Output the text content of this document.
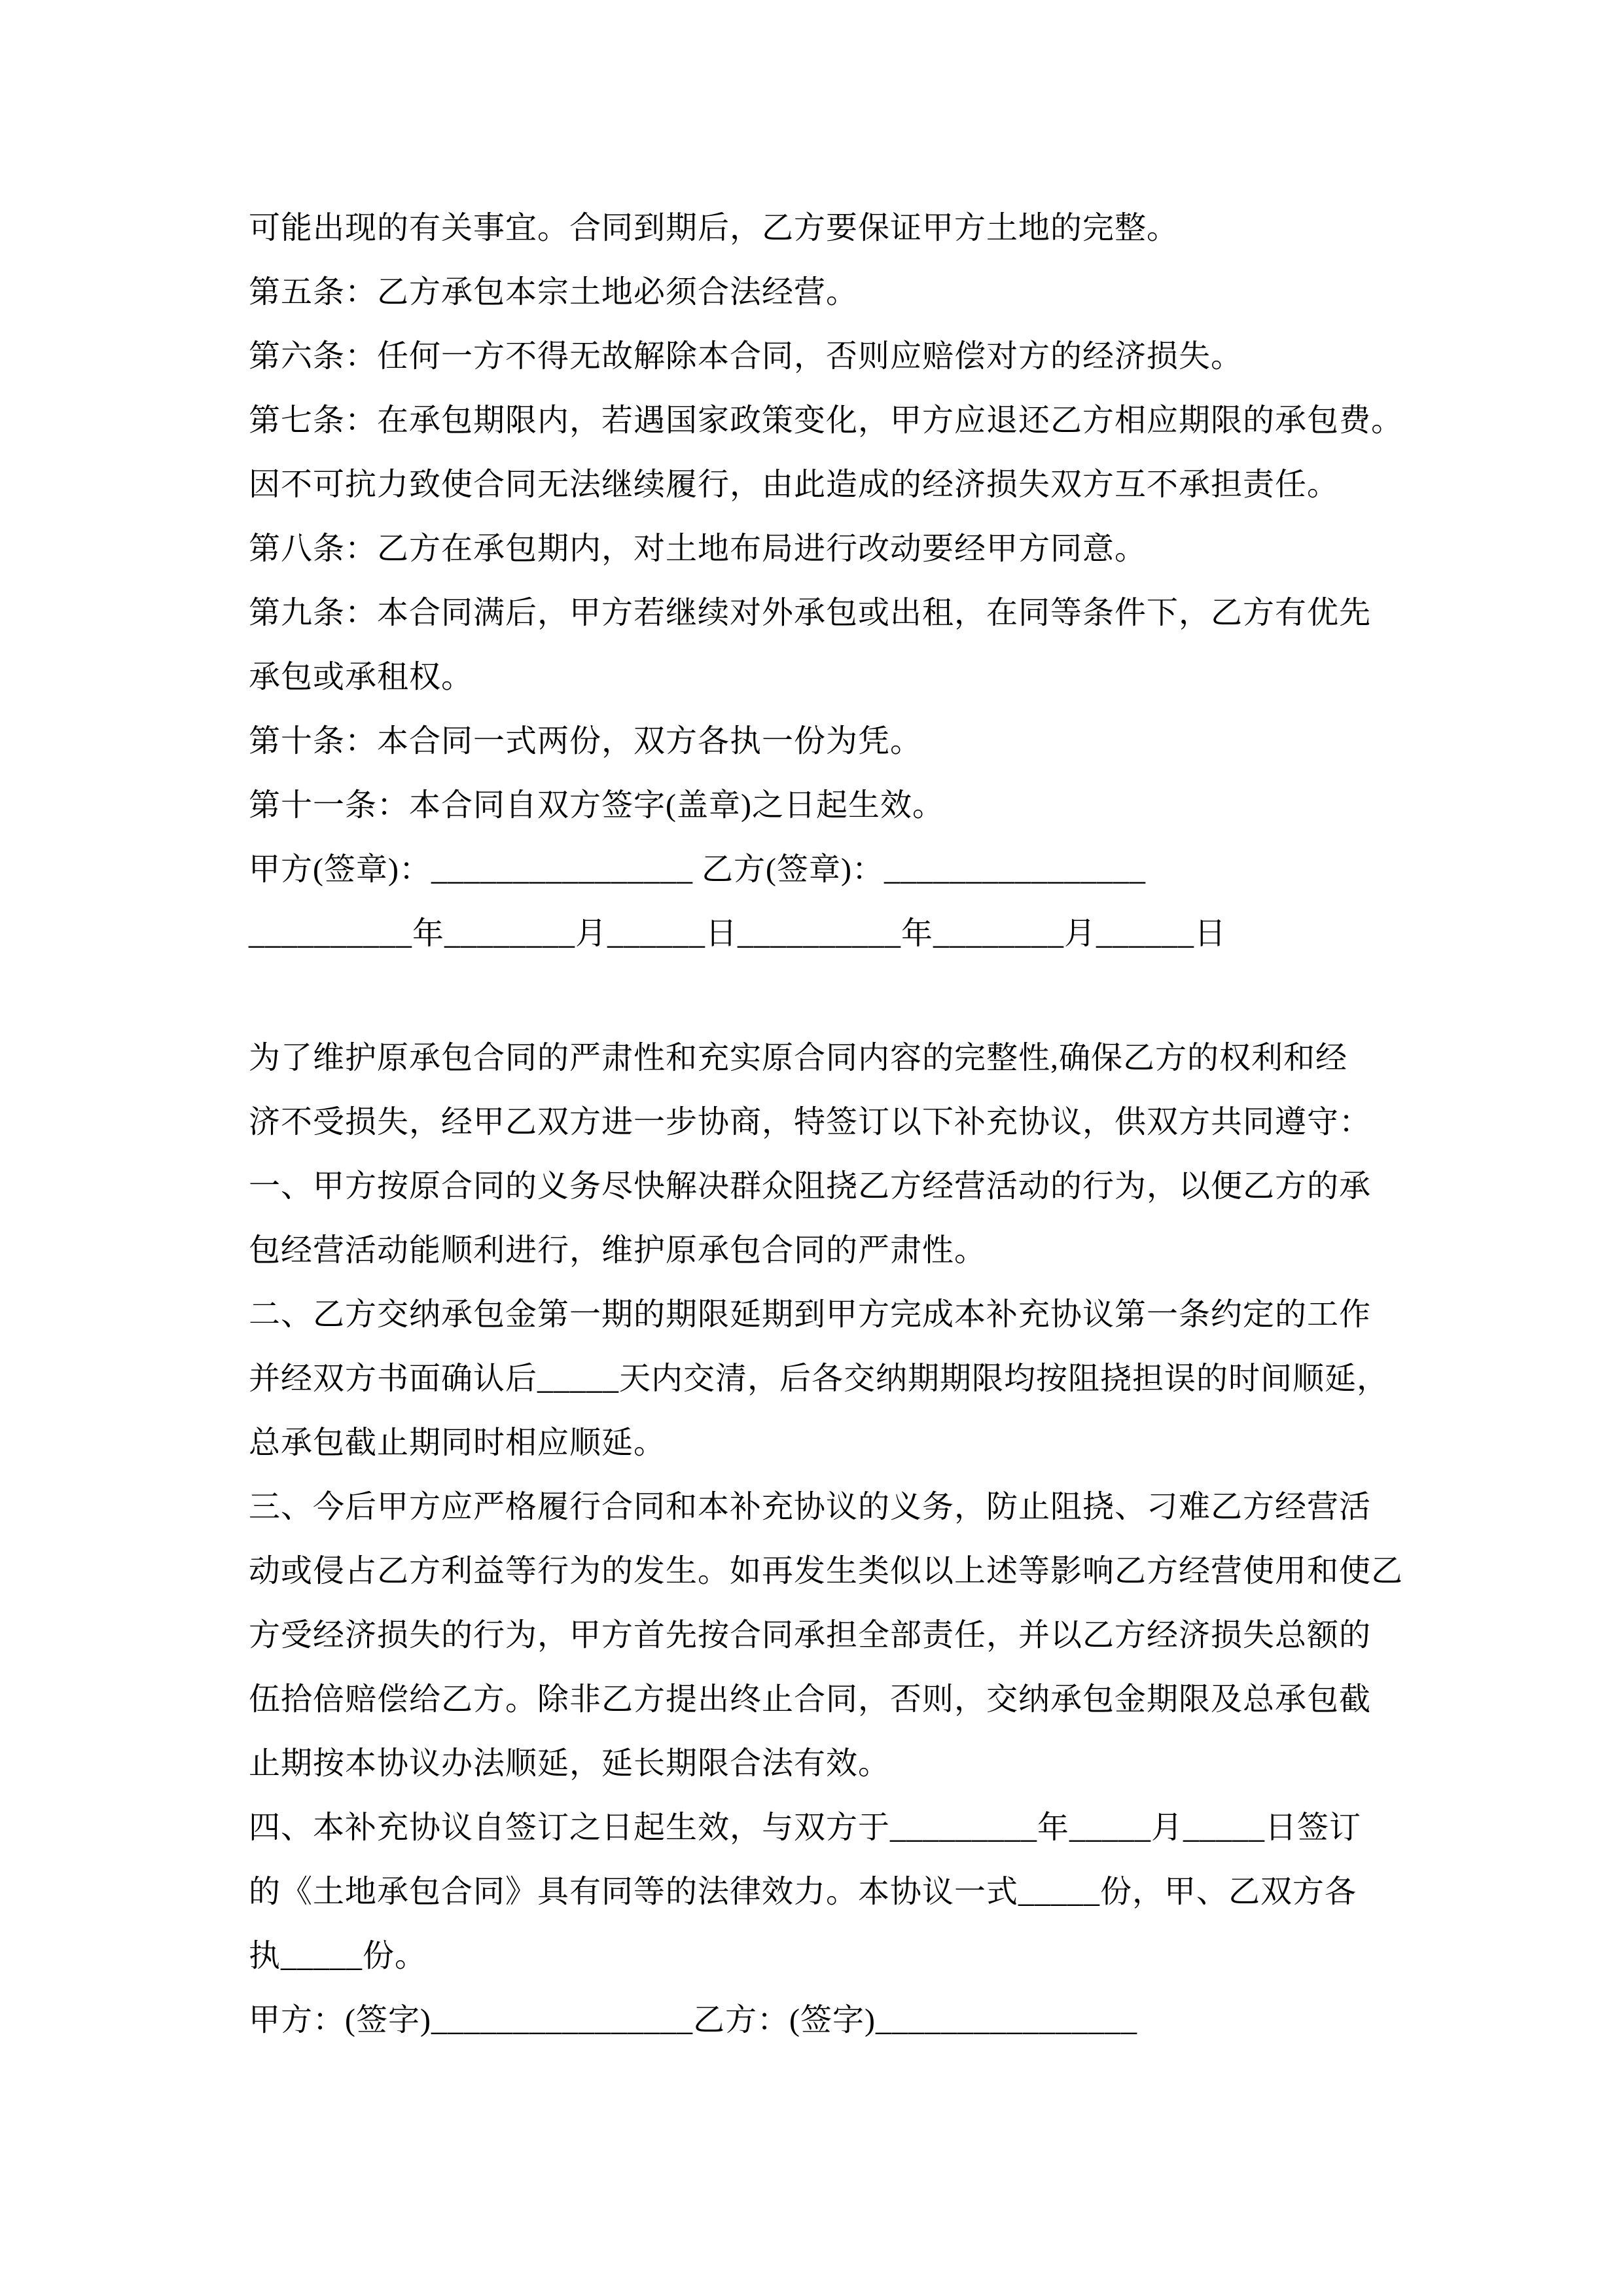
可能出现的有关事宜。合同到期后，乙方要保证甲方土地的完整。

第五条：乙方承包本宗土地必须合法经营。

第六条：任何一方不得无故解除本合同，否则应赔偿对方的经济损失。

第七条：在承包期限内，若遇国家政策变化，甲方应退还乙方相应期限的承包费。

因不可抗力致使合同无法继续履行，由此造成的经济损失双方互不承担责任。

第八条：乙方在承包期内，对土地布局进行改动要经甲方同意。

第九条：本合同满后，甲方若继续对外承包或出租，在同等条件下，乙方有优先

承包或承租权。

第十条：本合同一式两份，双方各执一份为凭。

第十一条：本合同自双方签字(盖章)之日起生效。

甲方(签章)：________________ 乙方(签章)：________________

__________年________月______日__________年________月______日

为了维护原承包合同的严肃性和充实原合同内容的完整性,确保乙方的权利和经

济不受损失，经甲乙双方进一步协商，特签订以下补充协议，供双方共同遵守：

一、甲方按原合同的义务尽快解决群众阻挠乙方经营活动的行为，以便乙方的承

包经营活动能顺利进行，维护原承包合同的严肃性。

二、乙方交纳承包金第一期的期限延期到甲方完成本补充协议第一条约定的工作

并经双方书面确认后_____天内交清，后各交纳期期限均按阻挠担误的时间顺延，

总承包截止期同时相应顺延。

三、今后甲方应严格履行合同和本补充协议的义务，防止阻挠、刁难乙方经营活

动或侵占乙方利益等行为的发生。如再发生类似以上述等影响乙方经营使用和使乙

方受经济损失的行为，甲方首先按合同承担全部责任，并以乙方经济损失总额的

伍拾倍赔偿给乙方。除非乙方提出终止合同，否则，交纳承包金期限及总承包截

止期按本协议办法顺延，延长期限合法有效。

四、本补充协议自签订之日起生效，与双方于_________年_____月_____日签订

的《土地承包合同》具有同等的法律效力。本协议一式_____份，甲、乙双方各

执_____份。

甲方：(签字)________________乙方：(签字)________________
